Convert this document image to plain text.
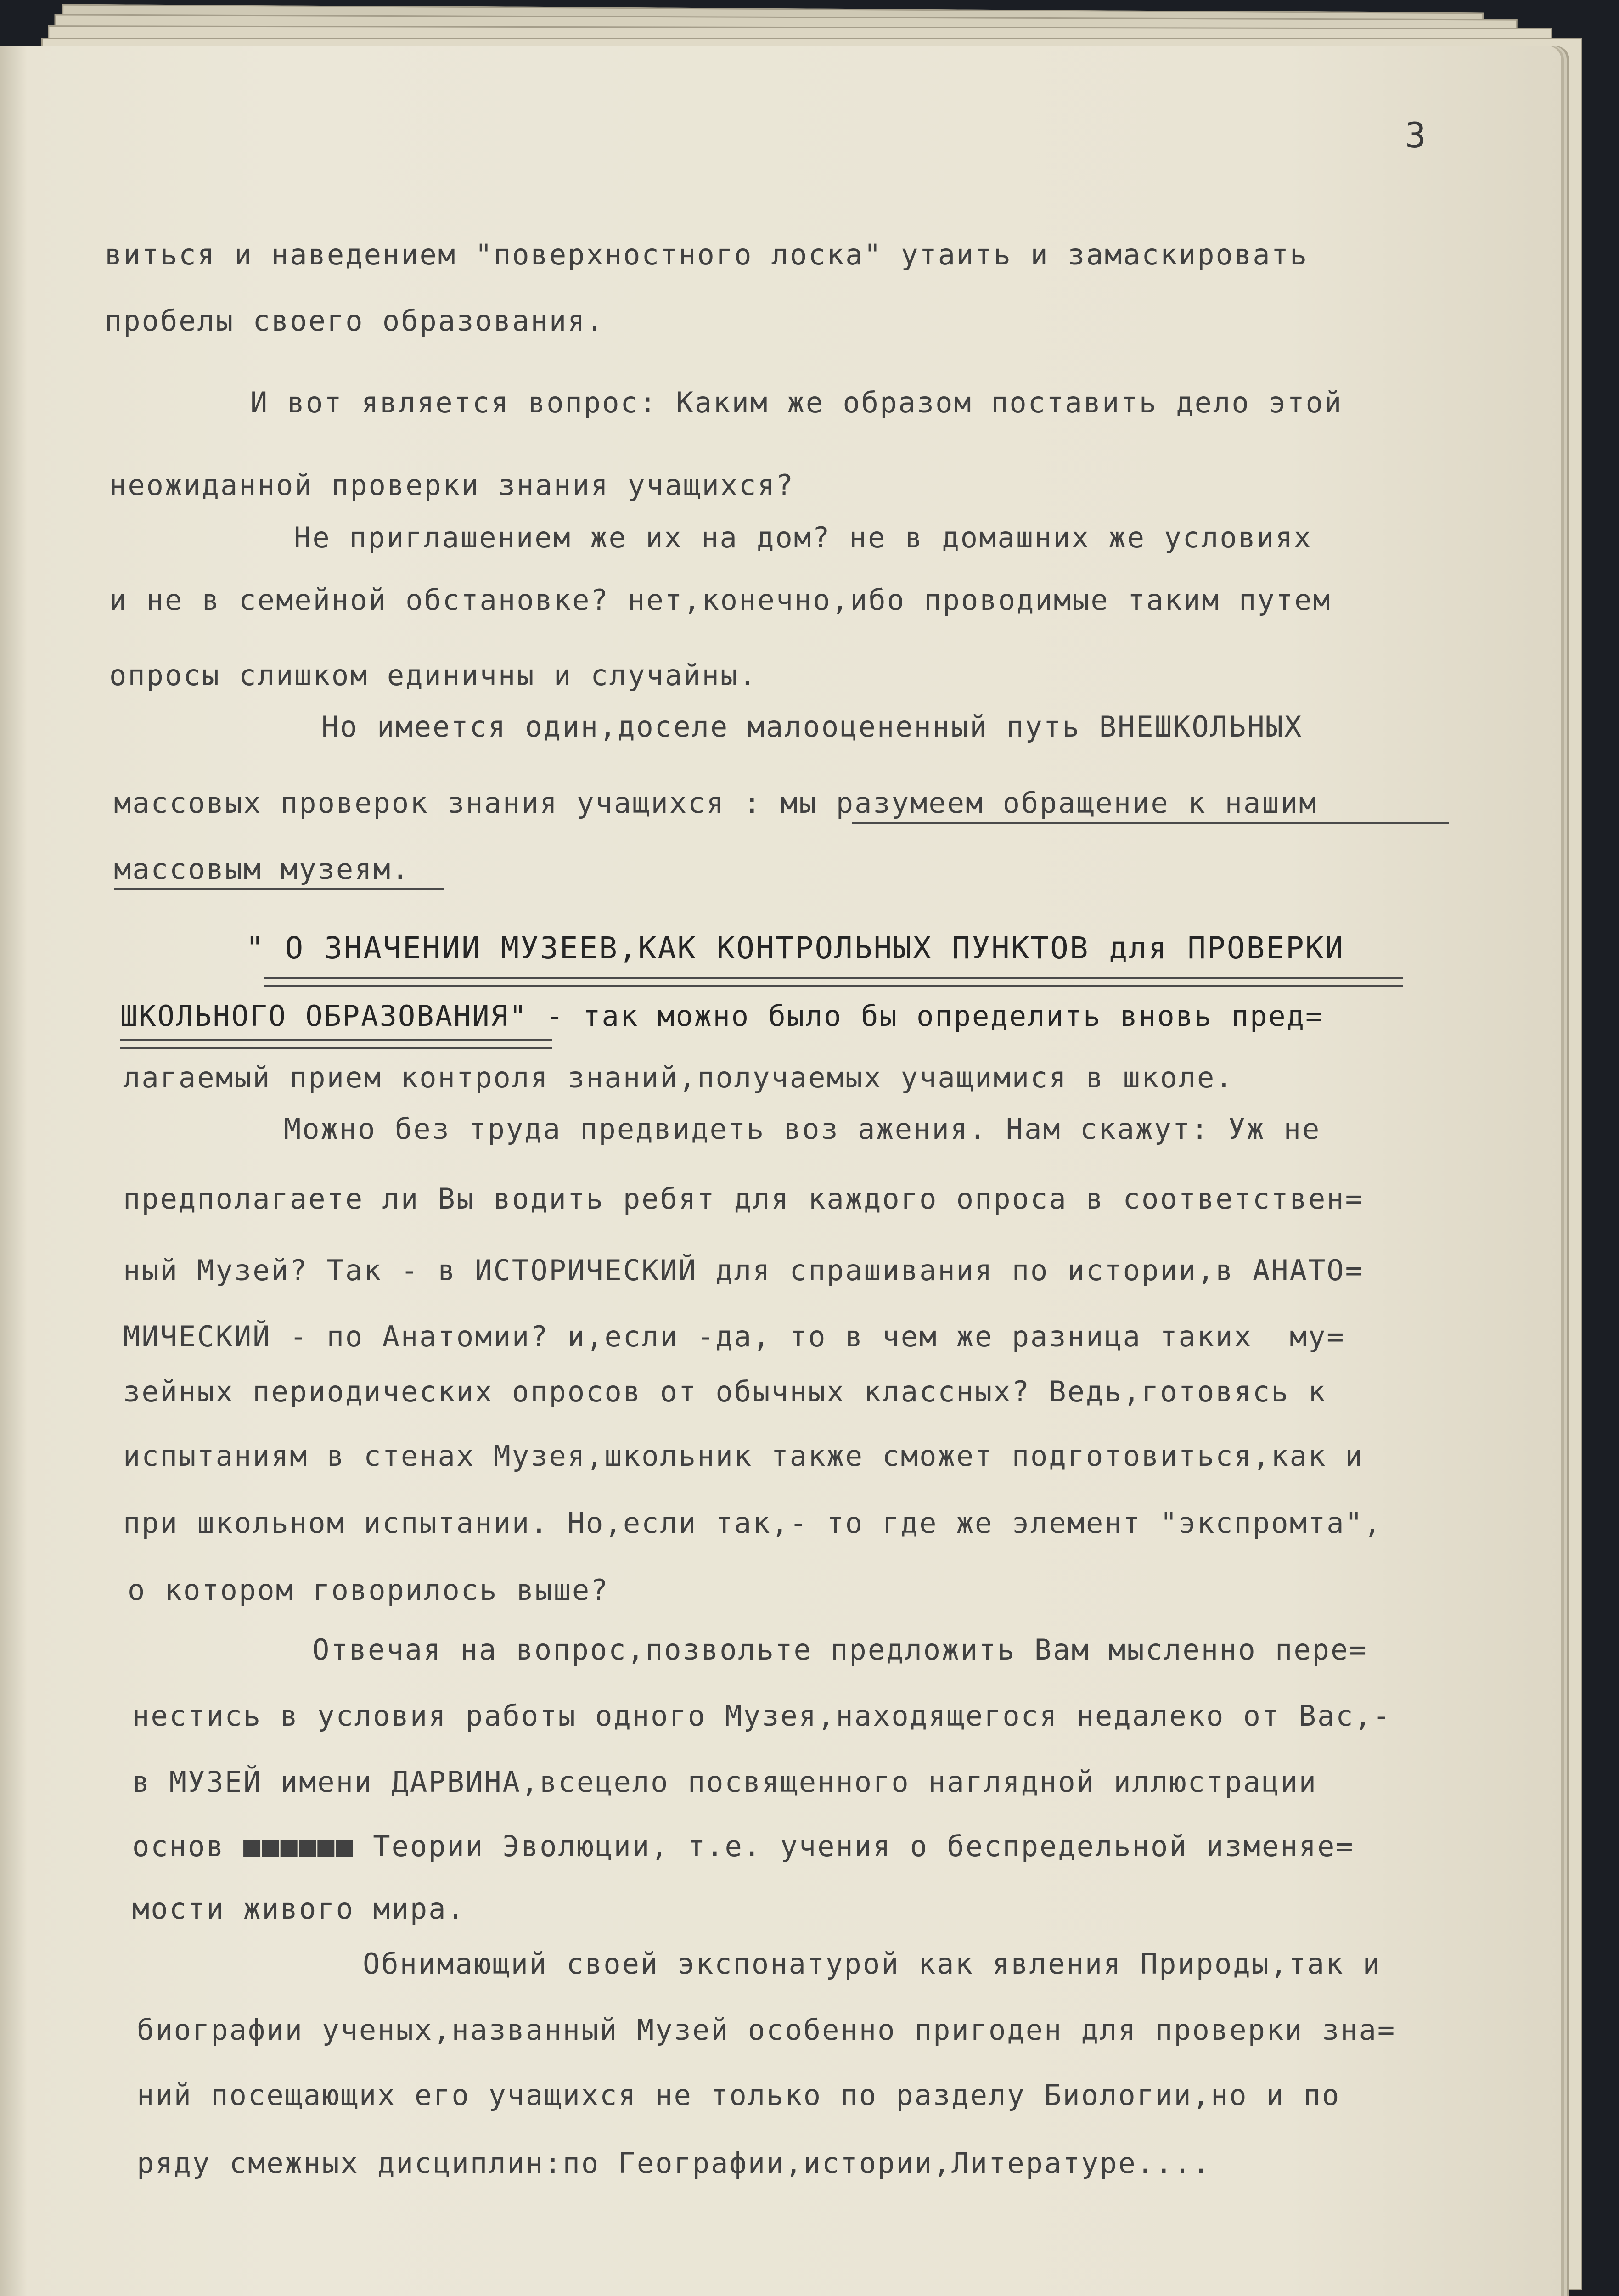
3

виться и наведением "поверхностного лоска" утаить и замаскировать

пробелы своего образования.

И вот является вопрос: Каким же образом поставить дело этой

неожиданной проверки знания учащихся?

Не приглашением же их на дом? не в домашних же условиях

и не в семейной обстановке? нет,конечно,ибо проводимые таким путем

опросы слишком единичны и случайны.

Но имеется один,доселе малооцененный путь ВНЕШКОЛЬНЫХ

массовых проверок знания учащихся : мы разумеем обращение к нашим

массовым музеям.

" О ЗНАЧЕНИИ МУЗЕЕВ,КАК КОНТРОЛЬНЫХ ПУНКТОВ для ПРОВЕРКИ

ШКОЛЬНОГО ОБРАЗОВАНИЯ" - так можно было бы определить вновь пред=

лагаемый прием контроля знаний,получаемых учащимися в школе.

Можно без труда предвидеть воз ажения. Нам скажут: Уж не

предполагаете ли Вы водить ребят для каждого опроса в соответствен=

ный Музей? Так - в ИСТОРИЧЕСКИЙ для спрашивания по истории,в АНАТО=

МИЧЕСКИЙ - по Анатомии? и,если -да, то в чем же разница таких  му=

зейных периодических опросов от обычных классных? Ведь,готовясь к

испытаниям в стенах Музея,школьник также сможет подготовиться,как и

при школьном испытании. Но,если так,- то где же элемент "экспромта",

о котором говорилось выше?

Отвечая на вопрос,позвольте предложить Вам мысленно пере=

нестись в условия работы одного Музея,находящегося недалеко от Вас,-

в МУЗЕЙ имени ДАРВИНА,всецело посвященного наглядной иллюстрации

основ ■■■■■■ Теории Эволюции, т.е. учения о беспредельной изменяе=

мости живого мира.

Обнимающий своей экспонатурой как явления Природы,так и

биографии ученых,названный Музей особенно пригоден для проверки зна=

ний посещающих его учащихся не только по разделу Биологии,но и по

ряду смежных дисциплин:по Географии,истории,Литературе....
